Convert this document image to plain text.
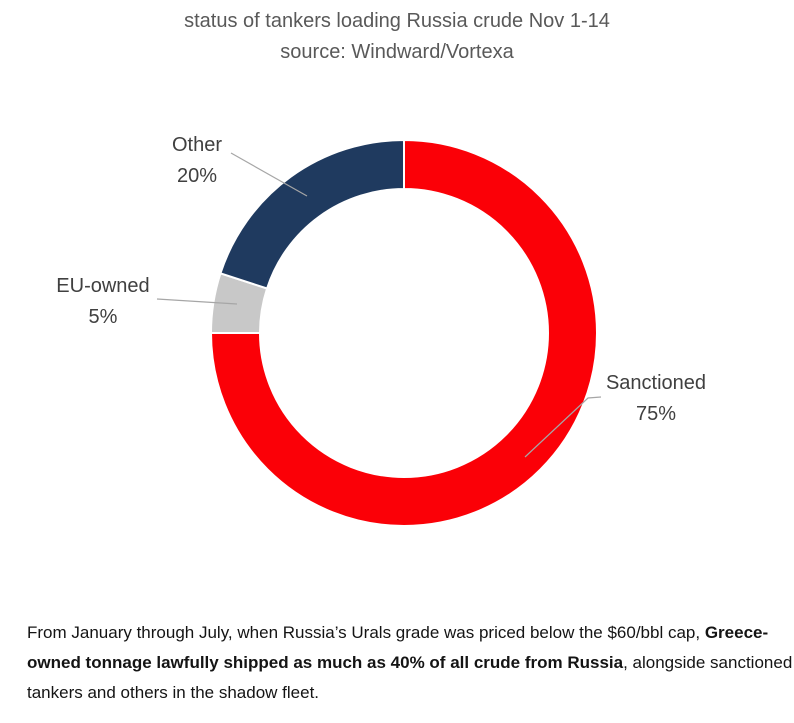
status of tankers loading Russia crude Nov 1-14
source: Windward/Vortexa
Other
20%
EU-owned
5%
Sanctioned
75%
From January through July, when Russia’s Urals grade was priced below the $60/bbl cap, Greece-
owned tonnage lawfully shipped as much as 40% of all crude from Russia, alongside sanctioned
tankers and others in the shadow fleet.
